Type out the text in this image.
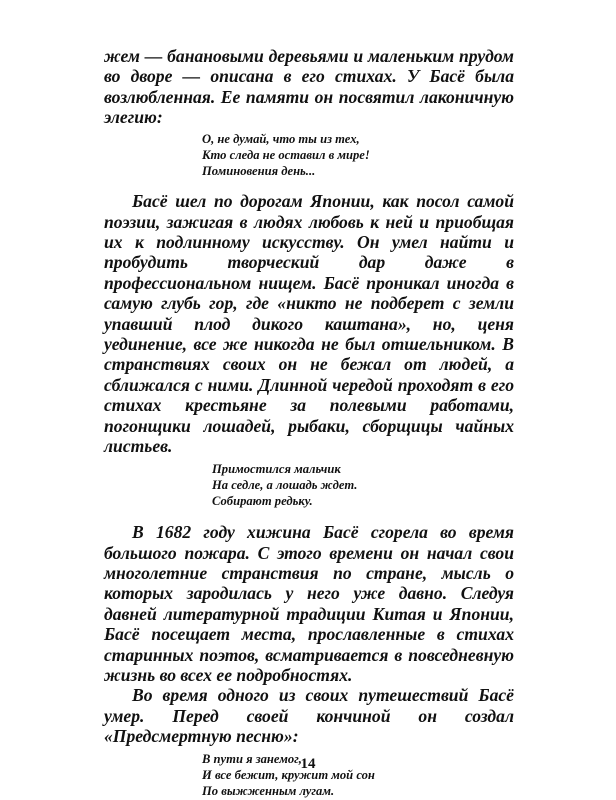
жем — банановыми деревьями и маленьким прудом во дворе — описана в его стихах. У Басё была возлюбленная. Ее памяти он посвятил лаконичную элегию:

О, не думай, что ты из тех,
Кто следа не оставил в мире!
Поминовения день...

Басё шел по дорогам Японии, как посол самой поэзии, зажигая в людях любовь к ней и приобщая их к подлинному искусству. Он умел найти и пробудить творческий дар даже в профессиональном нищем. Басё проникал иногда в самую глубь гор, где «никто не подберет с земли упавший плод дикого каштана», но, ценя уединение, все же никогда не был отшельником. В странствиях своих он не бежал от людей, а сближался с ними. Длинной чередой проходят в его стихах крестьяне за полевыми работами, погонщики лошадей, рыбаки, сборщицы чайных листьев.

Примостился мальчик
На седле, а лошадь ждет.
Собирают редьку.

В 1682 году хижина Басё сгорела во время большого пожара. С этого времени он начал свои многолетние странствия по стране, мысль о которых зародилась у него уже давно. Следуя давней литературной традиции Китая и Японии, Басё посещает места, прославленные в стихах старинных поэтов, всматривается в повседневную жизнь во всех ее подробностях.

Во время одного из своих путешествий Басё умер. Перед своей кончиной он создал «Предсмертную песню»:

В пути я занемог,
И все бежит, кружит мой сон
По выжженным лугам.
14
